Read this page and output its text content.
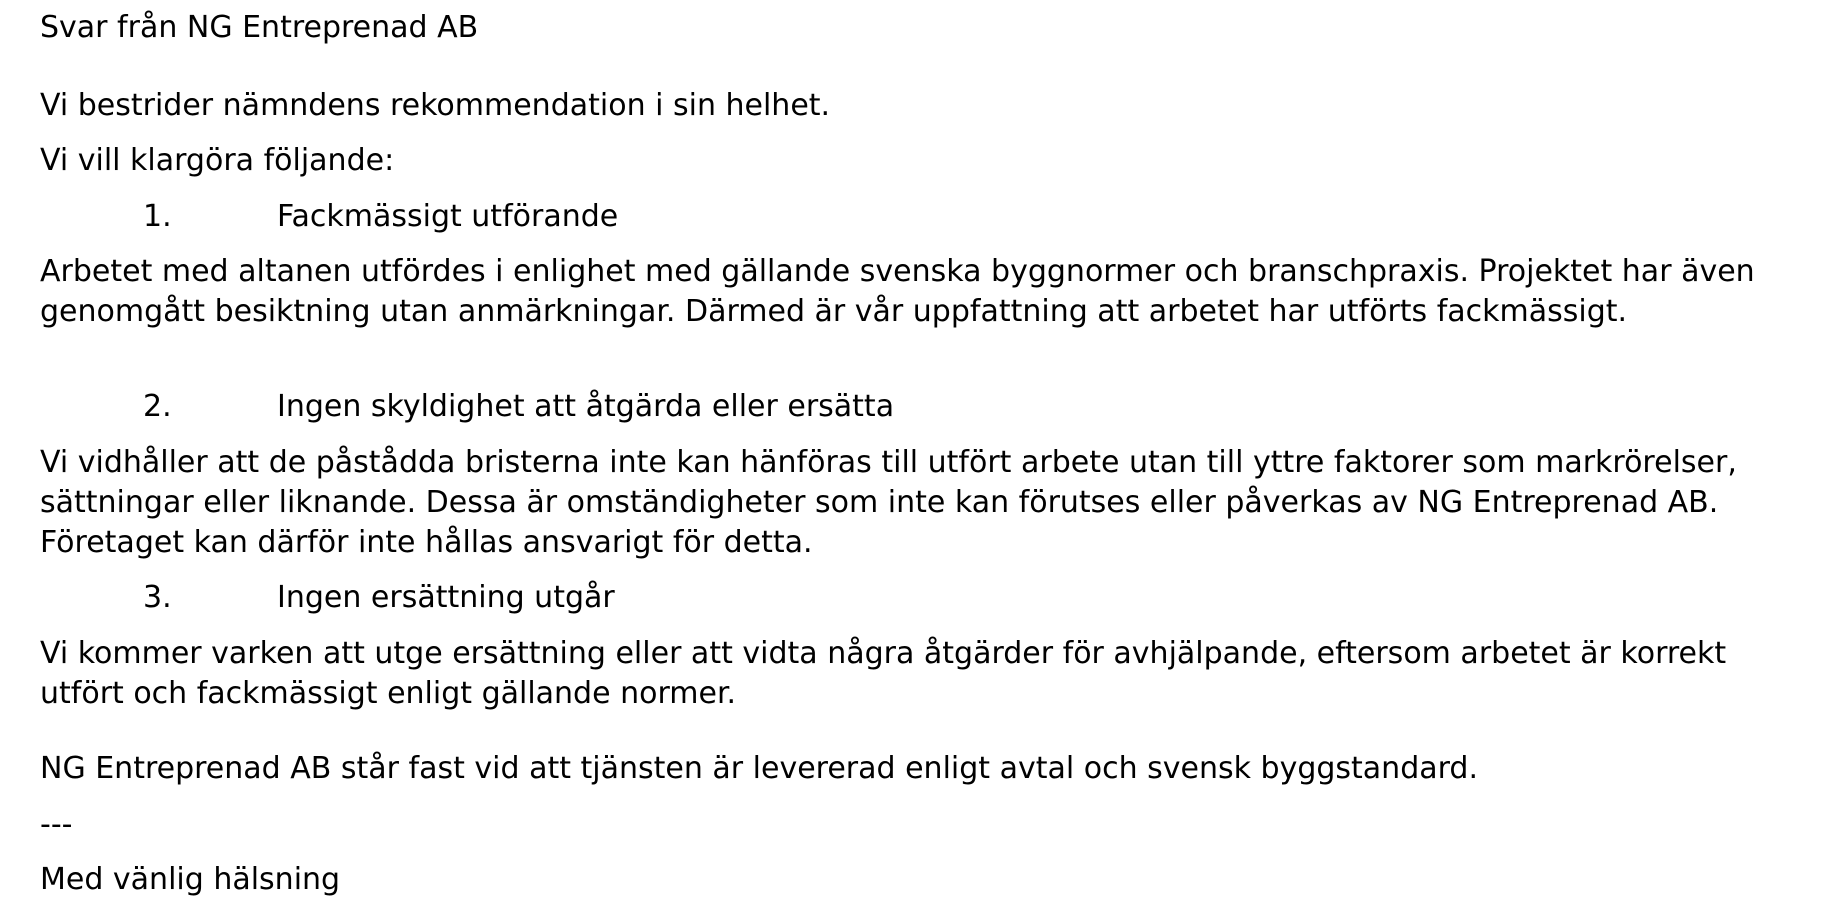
Svar från NG Entreprenad AB

Vi bestrider nämndens rekommendation i sin helhet.

Vi vill klargöra följande:

1.	Fackmässigt utförande

Arbetet med altanen utfördes i enlighet med gällande svenska byggnormer och branschpraxis. Projektet har även genomgått besiktning utan anmärkningar. Därmed är vår uppfattning att arbetet har utförts fackmässigt.

2.	Ingen skyldighet att åtgärda eller ersätta

Vi vidhåller att de påstådda bristerna inte kan hänföras till utfört arbete utan till yttre faktorer som markrörelser, sättningar eller liknande. Dessa är omständigheter som inte kan förutses eller påverkas av NG Entreprenad AB. Företaget kan därför inte hållas ansvarigt för detta.

3.	Ingen ersättning utgår

Vi kommer varken att utge ersättning eller att vidta några åtgärder för avhjälpande, eftersom arbetet är korrekt utfört och fackmässigt enligt gällande normer.

NG Entreprenad AB står fast vid att tjänsten är levererad enligt avtal och svensk byggstandard.

---

Med vänlig hälsning
